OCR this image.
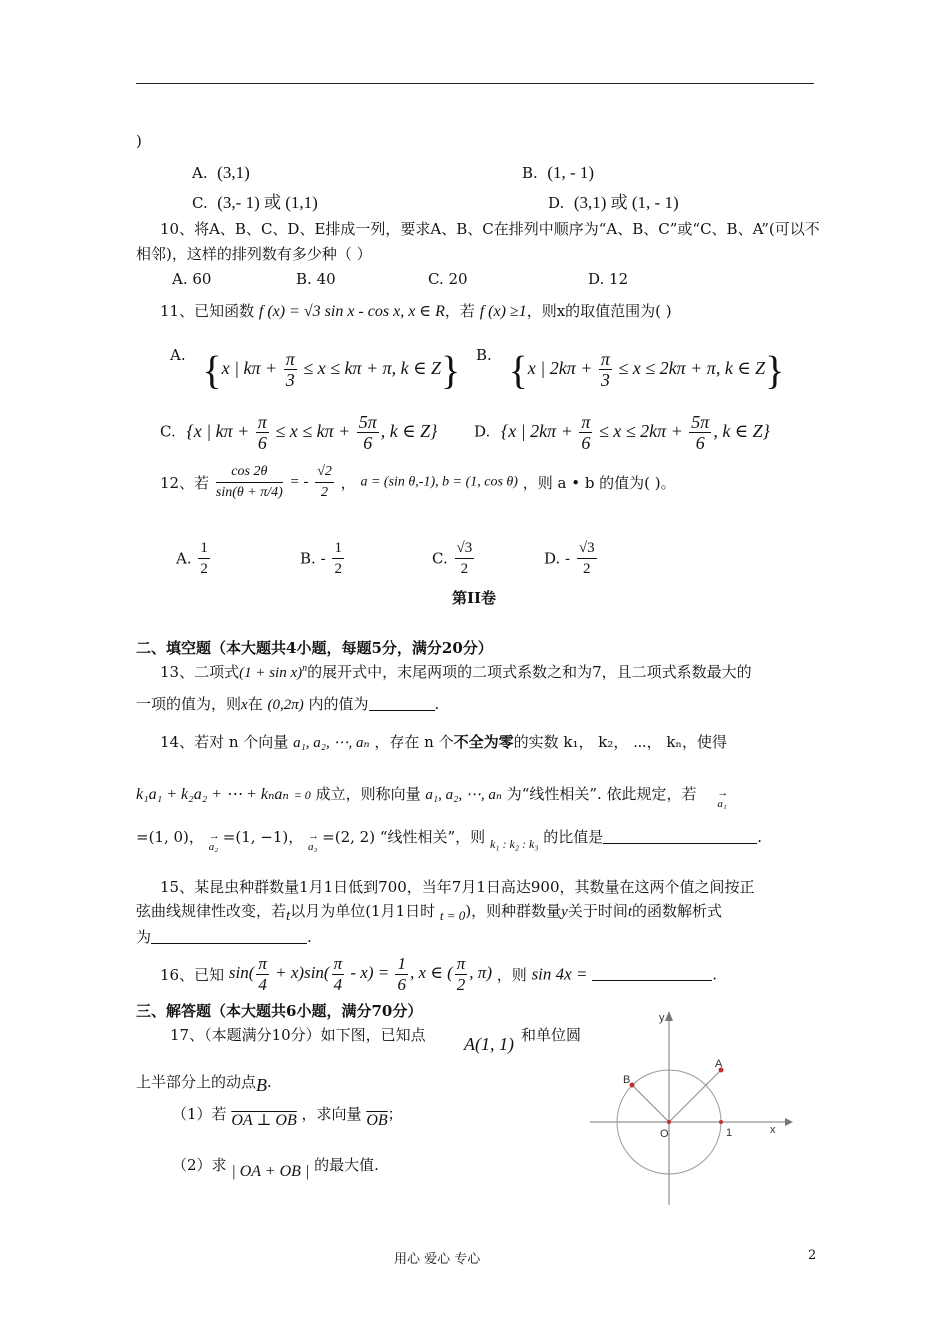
)
A. (3,1)	B. (1, - 1)
C. (3,- 1) 或 (1,1)	D. (3,1) 或 (1, - 1)
10、将A、B、C、D、E排成一列，要求A、B、C在排列中顺序为“A、B、C”或“C、B、A”(可以不
相邻)，这样的排列数有多少种（ ）
A. 60	B. 40	C. 20	D. 12
11、已知函数 f (x) = √3 sin x - cos x, x ∈ R，若 f (x) ≥1，则x的取值范围为( )
A. {x | $k\pi + \frac{\pi}{3} \le x \le k\pi + \pi$, k ∈ Z} B. {x | $2k\pi + \frac{\pi}{3} \le x \le 2k\pi + \pi$, k ∈ Z}
C. {x | $k\pi + \frac{\pi}{6} \le x \le k\pi + \frac{5\pi}{6}$ , k ∈ Z} D. {x | $2k\pi + \frac{\pi}{6} \le x \le 2k\pi + \frac{5\pi}{6}$ , k ∈ Z}
12、若 $\frac{\cos 2\theta}{\sin(\theta + \pi/4)}$ = - $\frac{√2}{2}$ ， a = (sin θ,-1), b = (1, cos θ) ，则 a • b 的值为( )。
A. $\frac{1}{2}$	B. - $\frac{1}{2}$	C. $\frac{√3}{2}$	D. - $\frac{√3}{2}$
第II卷
二、填空题（本大题共4小题，每题5分，满分20分）
13、二项式$(1 + \sin x)^n$的展开式中，末尾两项的二项式系数之和为7，且二项式系数最大的
一项的值为，则x在 (0,2π) 内的值为	.
14、若对 n 个向量 a₁, a₂, ⋯, aₙ ，存在 n 个不全为零的实数 k₁， k₂， ⋯， kₙ，使得
k₁a₁ + k₂a₂ + ⋯ + kₙaₙ = 0 成立，则称向量 a₁, a₂, ⋯, aₙ 为“线性相关”. 依此规定，若 → a₁
=(1, 0)， → a₂ =(1, −1)， → a₃ =(2, 2) “线性相关”，则 $_{k_1 : k_2 : k_3}$ 的比值是	.
15、某昆虫种群数量1月1日低到700，当年7月1日高达900，其数量在这两个值之间按正
弦曲线规律性改变，若t以月为单位(1月1日时 t = 0)，则种群数量y关于时间t的函数解析式
为	.
16、已知 $\sin( \frac{\pi}{4} + x)\sin( \frac{\pi}{4} - x) = \frac{1}{6}$ , x ∈ ( $\frac{\pi}{2}$ , π) ，则 sin 4x =	.
三、解答题（本大题共6小题，满分70分）
17、（本题满分10分）如下图，已知点 A(1, 1) 和单位圆
上半部分上的动点B.
（1）若 OA ⊥ OB ，求向量 $\overline{OB}$；
（2）求 | OA + OB | 的最大值.
y
x
O	1
A
B
用心 爱心 专心	2
